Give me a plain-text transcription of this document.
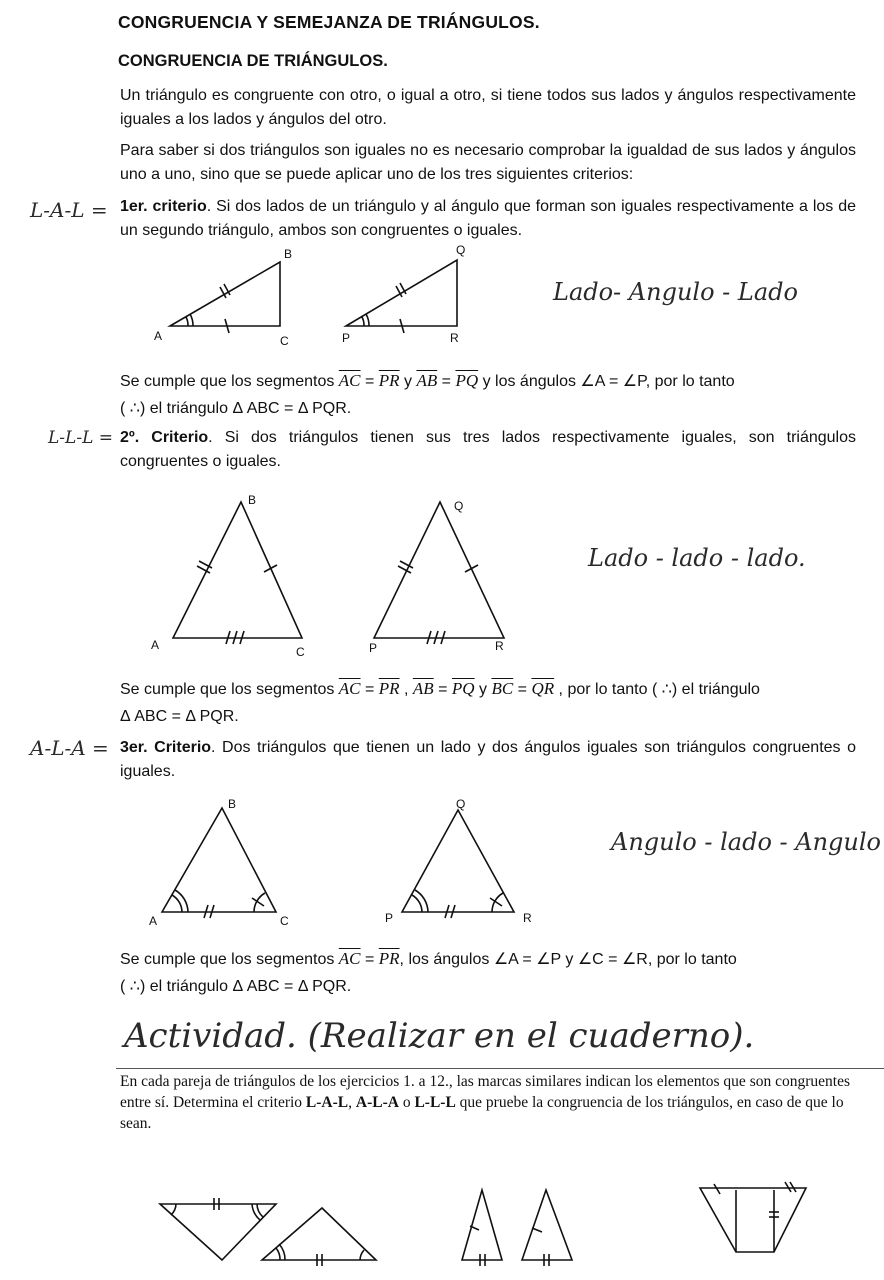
CONGRUENCIA Y SEMEJANZA DE TRIÁNGULOS.
CONGRUENCIA DE TRIÁNGULOS.
Un triángulo es congruente con otro, o igual a otro, si tiene todos sus lados y ángulos respectivamente iguales a los lados y ángulos del otro.
Para saber si dos triángulos son iguales no es necesario comprobar la igualdad de sus lados y ángulos uno a uno, sino que se puede aplicar uno de los tres siguientes criterios:
L-A-L = 1er. criterio. Si dos lados de un triángulo y al ángulo que forman son iguales respectivamente a los de un segundo triángulo, ambos son congruentes o iguales.
A
B
C	P
Q
R
Lado- Angulo - Lado
Se cumple que los segmentos $\overline{AC} = \overline{PR}$ y $\overline{AB} = \overline{PQ}$ y los ángulos ∠A = ∠P, por lo tanto
( ∴) el triángulo Δ ABC = Δ PQR.
L-L-L = 2º. Criterio. Si dos triángulos tienen sus tres lados respectivamente iguales, son triángulos congruentes o iguales.
A
B
C	P
Q
R
Lado - lado - lado.
Se cumple que los segmentos $\overline{AC} = \overline{PR}$ , $\overline{AB} = \overline{PQ}$ y $\overline{BC} = \overline{QR}$ , por lo tanto ( ∴) el triángulo
Δ ABC = Δ PQR.
A-L-A = 3er. Criterio. Dos triángulos que tienen un lado y dos ángulos iguales son triángulos congruentes o iguales.
A
B
C	P
Q
R
Angulo - lado - Angulo
Se cumple que los segmentos $\overline{AC} = \overline{PR}$, los ángulos ∠A = ∠P y ∠C = ∠R, por lo tanto
( ∴) el triángulo Δ ABC = Δ PQR.
Actividad. (Realizar en el cuaderno).
En cada pareja de triángulos de los ejercicios 1. a 12., las marcas similares indican los elementos que son congruentes entre sí. Determina el criterio L-A-L, A-L-A o L-L-L que pruebe la congruencia de los triángulos, en caso de que lo sean.
